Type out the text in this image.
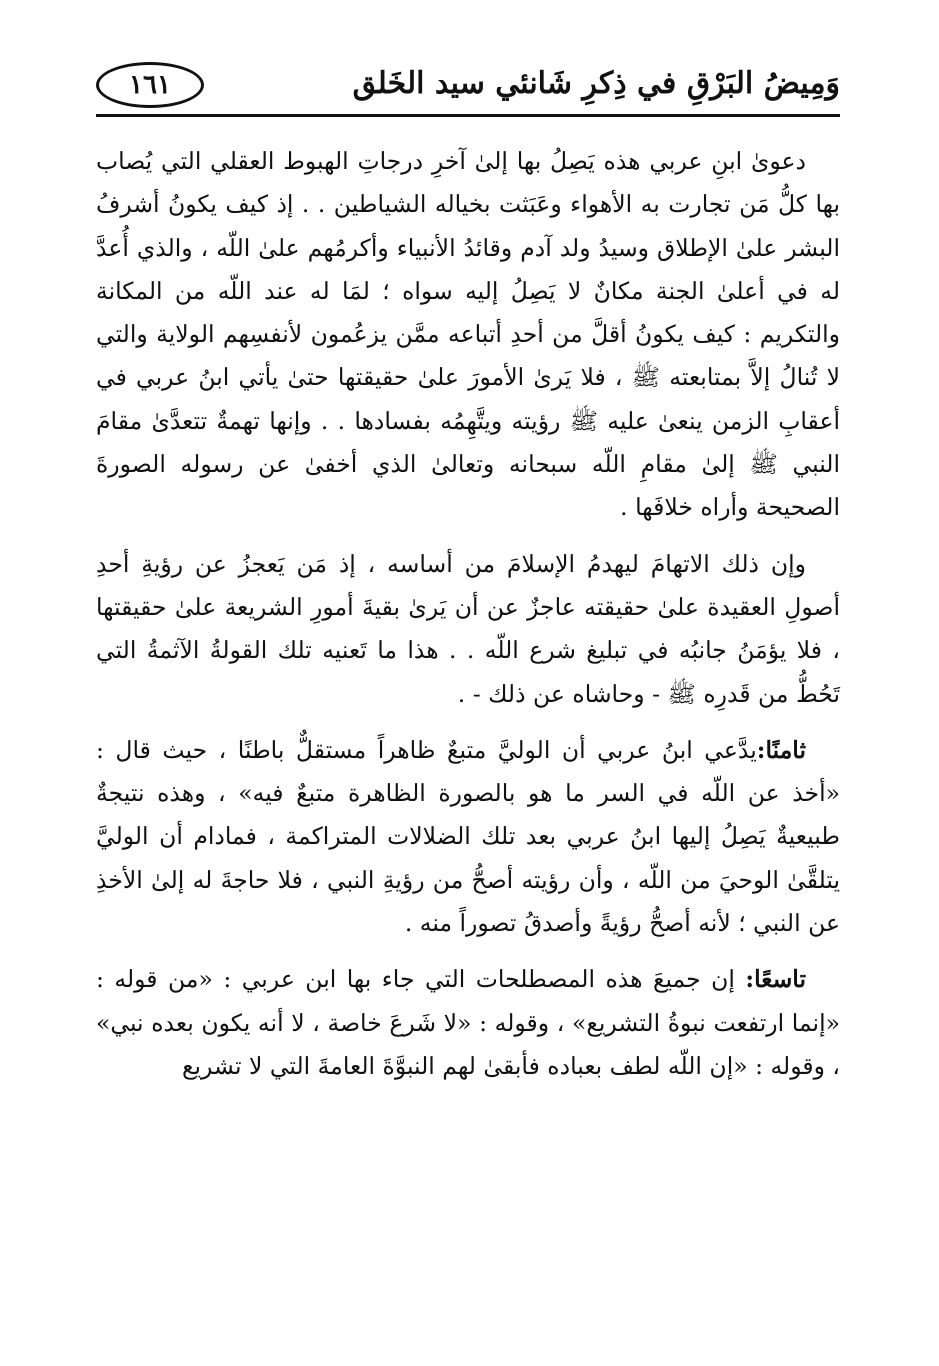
وَمِيضُ البَرْقِ في ذِكرِ شَانئي سيد الخَلق
١٦١

دعوىٰ ابنِ عربي هذه يَصِلُ بها إلىٰ آخرِ درجاتِ الهبوط العقلي التي يُصاب بها كلُّ مَن تجارت به الأهواء وعَبَثت بخياله الشياطين . . إذ كيف يكونُ أشرفُ البشر علىٰ الإطلاق وسيدُ ولد آدم وقائدُ الأنبياء وأكرمُهم علىٰ اللّه ، والذي أُعدَّ له في أعلىٰ الجنة مكانٌ لا يَصِلُ إليه سواه ؛ لمَا له عند اللّه من المكانة والتكريم : كيف يكونُ أقلَّ من أحدِ أتباعه ممَّن يزعُمون لأنفسِهم الولاية والتي لا تُنالُ إلاَّ بمتابعته ﷺ ، فلا يَرىٰ الأمورَ علىٰ حقيقتها حتىٰ يأتي ابنُ عربي في أعقابِ الزمن ينعىٰ عليه ﷺ رؤيته ويتَّهِمُه بفسادها . . وإنها تهمةٌ تتعدَّىٰ مقامَ النبي ﷺ إلىٰ مقامِ اللّه سبحانه وتعالىٰ الذي أخفىٰ عن رسوله الصورةَ الصحيحة وأراه خلافَها .

وإن ذلك الاتهامَ ليهدمُ الإسلامَ من أساسه ، إذ مَن يَعجزُ عن رؤيةِ أحدِ أصولِ العقيدة علىٰ حقيقته عاجزٌ عن أن يَرىٰ بقيةَ أمورِ الشريعة علىٰ حقيقتها ، فلا يؤمَنُ جانبُه في تبليغ شرع اللّه . . هذا ما تَعنيه تلك القولةُ الآثمةُ التي تَحُطُّ من قَدرِه ﷺ - وحاشاه عن ذلك - .

ثامنًا:يدَّعي ابنُ عربي أن الوليَّ متبعٌ ظاهراً مستقلٌّ باطنًا ، حيث قال : «أخذ عن اللّه في السر ما هو بالصورة الظاهرة متبعٌ فيه» ، وهذه نتيجةٌ طبيعيةٌ يَصِلُ إليها ابنُ عربي بعد تلك الضلالات المتراكمة ، فمادام أن الوليَّ يتلقَّىٰ الوحيَ من اللّه ، وأن رؤيته أصحُّ من رؤيةِ النبي ، فلا حاجةَ له إلىٰ الأخذِ عن النبي ؛ لأنه أصحُّ رؤيةً وأصدقُ تصوراً منه .

تاسعًا: إن جميعَ هذه المصطلحات التي جاء بها ابن عربي : «من قوله : «إنما ارتفعت نبوةُ التشريع» ، وقوله : «لا شَرعَ خاصة ، لا أنه يكون بعده نبي» ، وقوله : «إن اللّه لطف بعباده فأبقىٰ لهم النبوَّةَ العامةَ التي لا تشريع
